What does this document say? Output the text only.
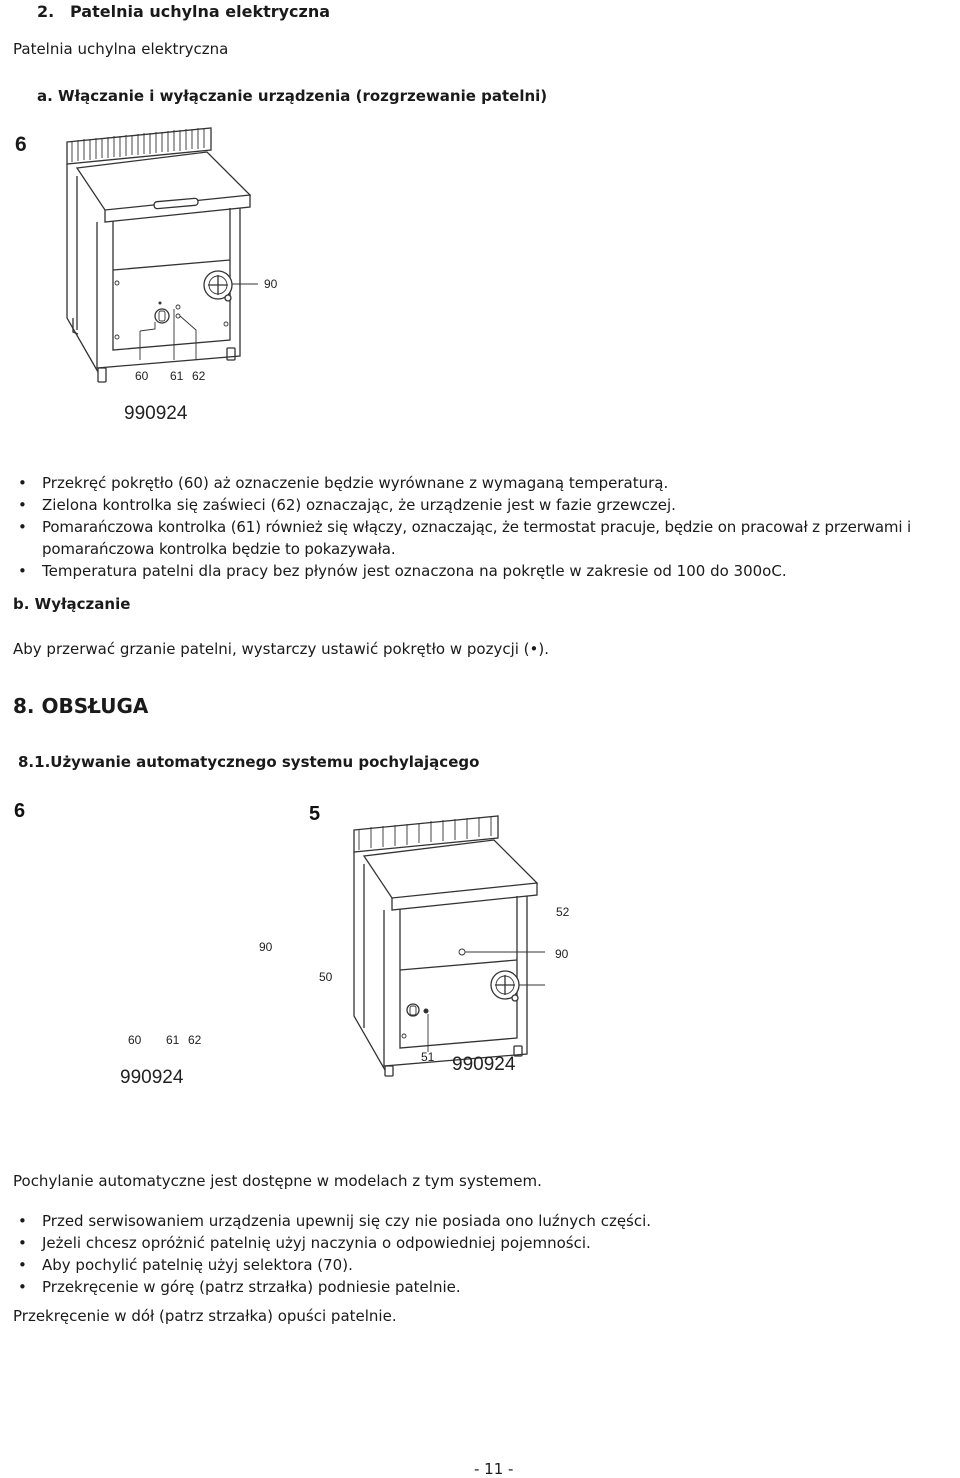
2. Patelnia uchylna elektryczna
Patelnia uchylna elektryczna
a. Włączanie i wyłączanie urządzenia (rozgrzewanie patelni)
6
90
60 61 62
990924
• Przekręć pokrętło (60) aż oznaczenie będzie wyrównane z wymaganą temperaturą.
• Zielona kontrolka się zaświeci (62) oznaczając, że urządzenie jest w fazie grzewczej.
• Pomarańczowa kontrolka (61) również się włączy, oznaczając, że termostat pracuje, będzie on pracował z przerwami i
pomarańczowa kontrolka będzie to pokazywała.
• Temperatura patelni dla pracy bez płynów jest oznaczona na pokrętle w zakresie od 100 do 300oC.
b. Wyłączanie
Aby przerwać grzanie patelni, wystarczy ustawić pokrętło w pozycji (•).
8. OBSŁUGA
8.1.Używanie automatycznego systemu pochylającego
6
90
60 61 62
990924
5
52
90
50
51 990924
Pochylanie automatyczne jest dostępne w modelach z tym systemem.
• Przed serwisowaniem urządzenia upewnij się czy nie posiada ono luźnych części.
• Jeżeli chcesz opróżnić patelnię użyj naczynia o odpowiedniej pojemności.
• Aby pochylić patelnię użyj selektora (70).
• Przekręcenie w górę (patrz strzałka) podniesie patelnie.
Przekręcenie w dół (patrz strzałka) opuści patelnie.
- 11 -
